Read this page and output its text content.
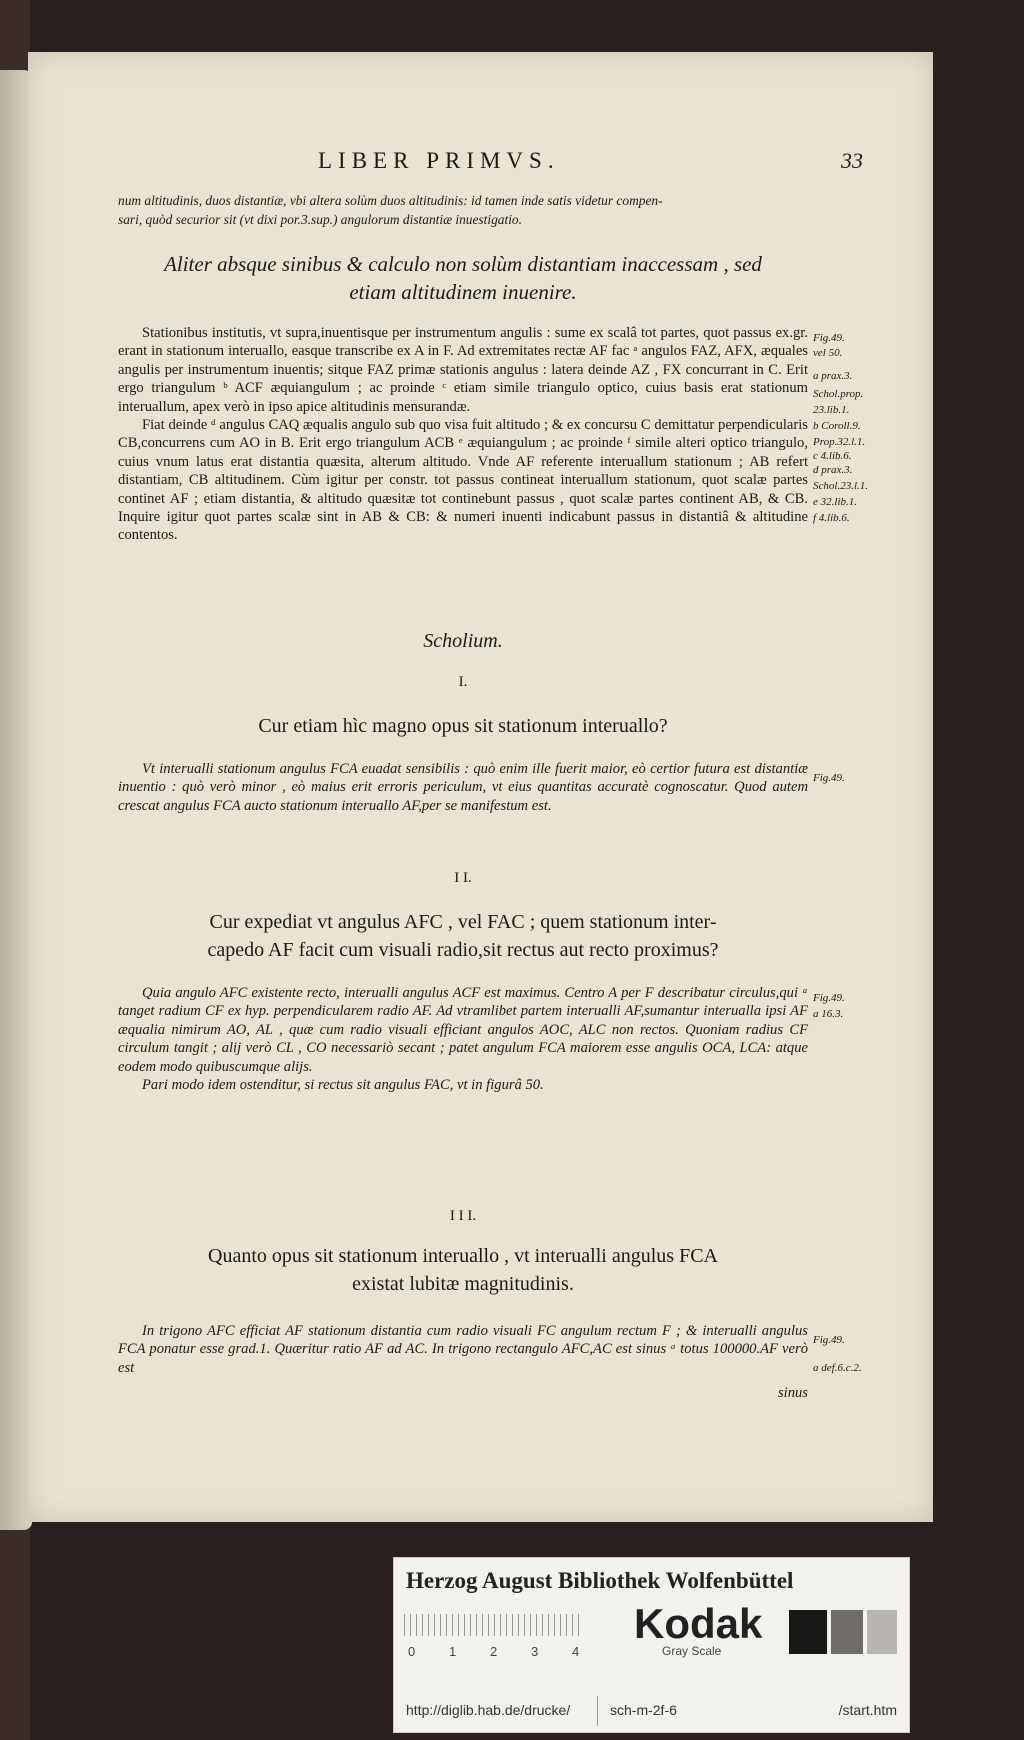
LIBER PRIMVS.	33
num altitudinis, duos distantiæ, vbi altera solùm duos altitudinis: id tamen inde satis videtur compen-
sari, quòd securior sit (vt dixi por.3.sup.) angulorum distantiæ inuestigatio.
Aliter absque sinibus & calculo non solùm distantiam inaccessam , sed
etiam altitudinem inuenire.

Stationibus institutis, vt supra,inuentisque per instrumentum angulis : sume ex scalâ tot partes, quot passus ex.gr. erant in stationum interuallo, easque transcribe ex A in F. Ad extremitates rectæ AF fac ᵃ angulos FAZ, AFX, æquales angulis per instrumentum inuentis; sitque FAZ primæ stationis angulus : latera deinde AZ , FX concurrant in C. Erit ergo triangulum ᵇ ACF æquiangulum ; ac proinde ᶜ etiam simile triangulo optico, cuius basis erat stationum interuallum, apex verò in ipso apice altitudinis mensurandæ.

Fiat deinde ᵈ angulus CAQ æqualis angulo sub quo visa fuit altitudo ; & ex concursu C demittatur perpendicularis CB,concurrens cum AO in B. Erit ergo triangulum ACB ᵉ æquiangulum ; ac proinde ᶠ simile alteri optico triangulo, cuius vnum latus erat distantia quæsita, alterum altitudo. Vnde AF referente interuallum stationum ; AB refert distantiam, CB altitudinem. Cùm igitur per constr. tot passus contineat interuallum stationum, quot scalæ partes continet AF ; etiam distantia, & altitudo quæsitæ tot continebunt passus , quot scalæ partes continent AB, & CB. Inquire igitur quot partes scalæ sint in AB & CB: & numeri inuenti indicabunt passus in distantiâ & altitudine contentos.

Fig.49.
vel 50.
a prax.3.
Schol.prop.
23.lib.1.
b Coroll.9.
Prop.32.l.1.
c 4.lib.6.
d prax.3.
Schol.23.l.1.
e 32.lib.1.
f 4.lib.6.
Scholium.
I.
Cur etiam hìc magno opus sit stationum interuallo?

Vt interualli stationum angulus FCA euadat sensibilis : quò enim ille fuerit maior, eò certior futura est distantiæ inuentio : quò verò minor , eò maius erit erroris periculum, vt eius quantitas accuratè cognoscatur. Quod autem crescat angulus FCA aucto stationum interuallo AF,per se manifestum est.

Fig.49.
I I.
Cur expediat vt angulus AFC , vel FAC ; quem stationum inter-
capedo AF facit cum visuali radio,sit rectus aut recto proximus?

Quia angulo AFC existente recto, interualli angulus ACF est maximus. Centro A per F describatur circulus,qui ᵃ tanget radium CF ex hyp. perpendicularem radio AF. Ad vtramlibet partem interualli AF,sumantur interualla ipsi AF æqualia nimirum AO, AL , quæ cum radio visuali efficiant angulos AOC, ALC non rectos. Quoniam radius CF circulum tangit ; alij verò CL , CO necessariò secant ; patet angulum FCA maiorem esse angulis OCA, LCA: atque eodem modo quibuscumque alijs.

Pari modo idem ostenditur, si rectus sit angulus FAC, vt in figurâ 50.

Fig.49.
a 16.3.
I I I.
Quanto opus sit stationum interuallo , vt interualli angulus FCA
existat lubitæ magnitudinis.

In trigono AFC efficiat AF stationum distantia cum radio visuali FC angulum rectum F ; & interualli angulus FCA ponatur esse grad.1. Quæritur ratio AF ad AC. In trigono rectangulo AFC,AC est sinus ᵃ totus 100000.AF verò est

Fig.49.
a def.6.c.2.
sinus
Herzog August Bibliothek Wolfenbüttel
0	1	2	3	4
Kodak
Gray Scale
http://diglib.hab.de/drucke/	sch-m-2f-6	/start.htm
